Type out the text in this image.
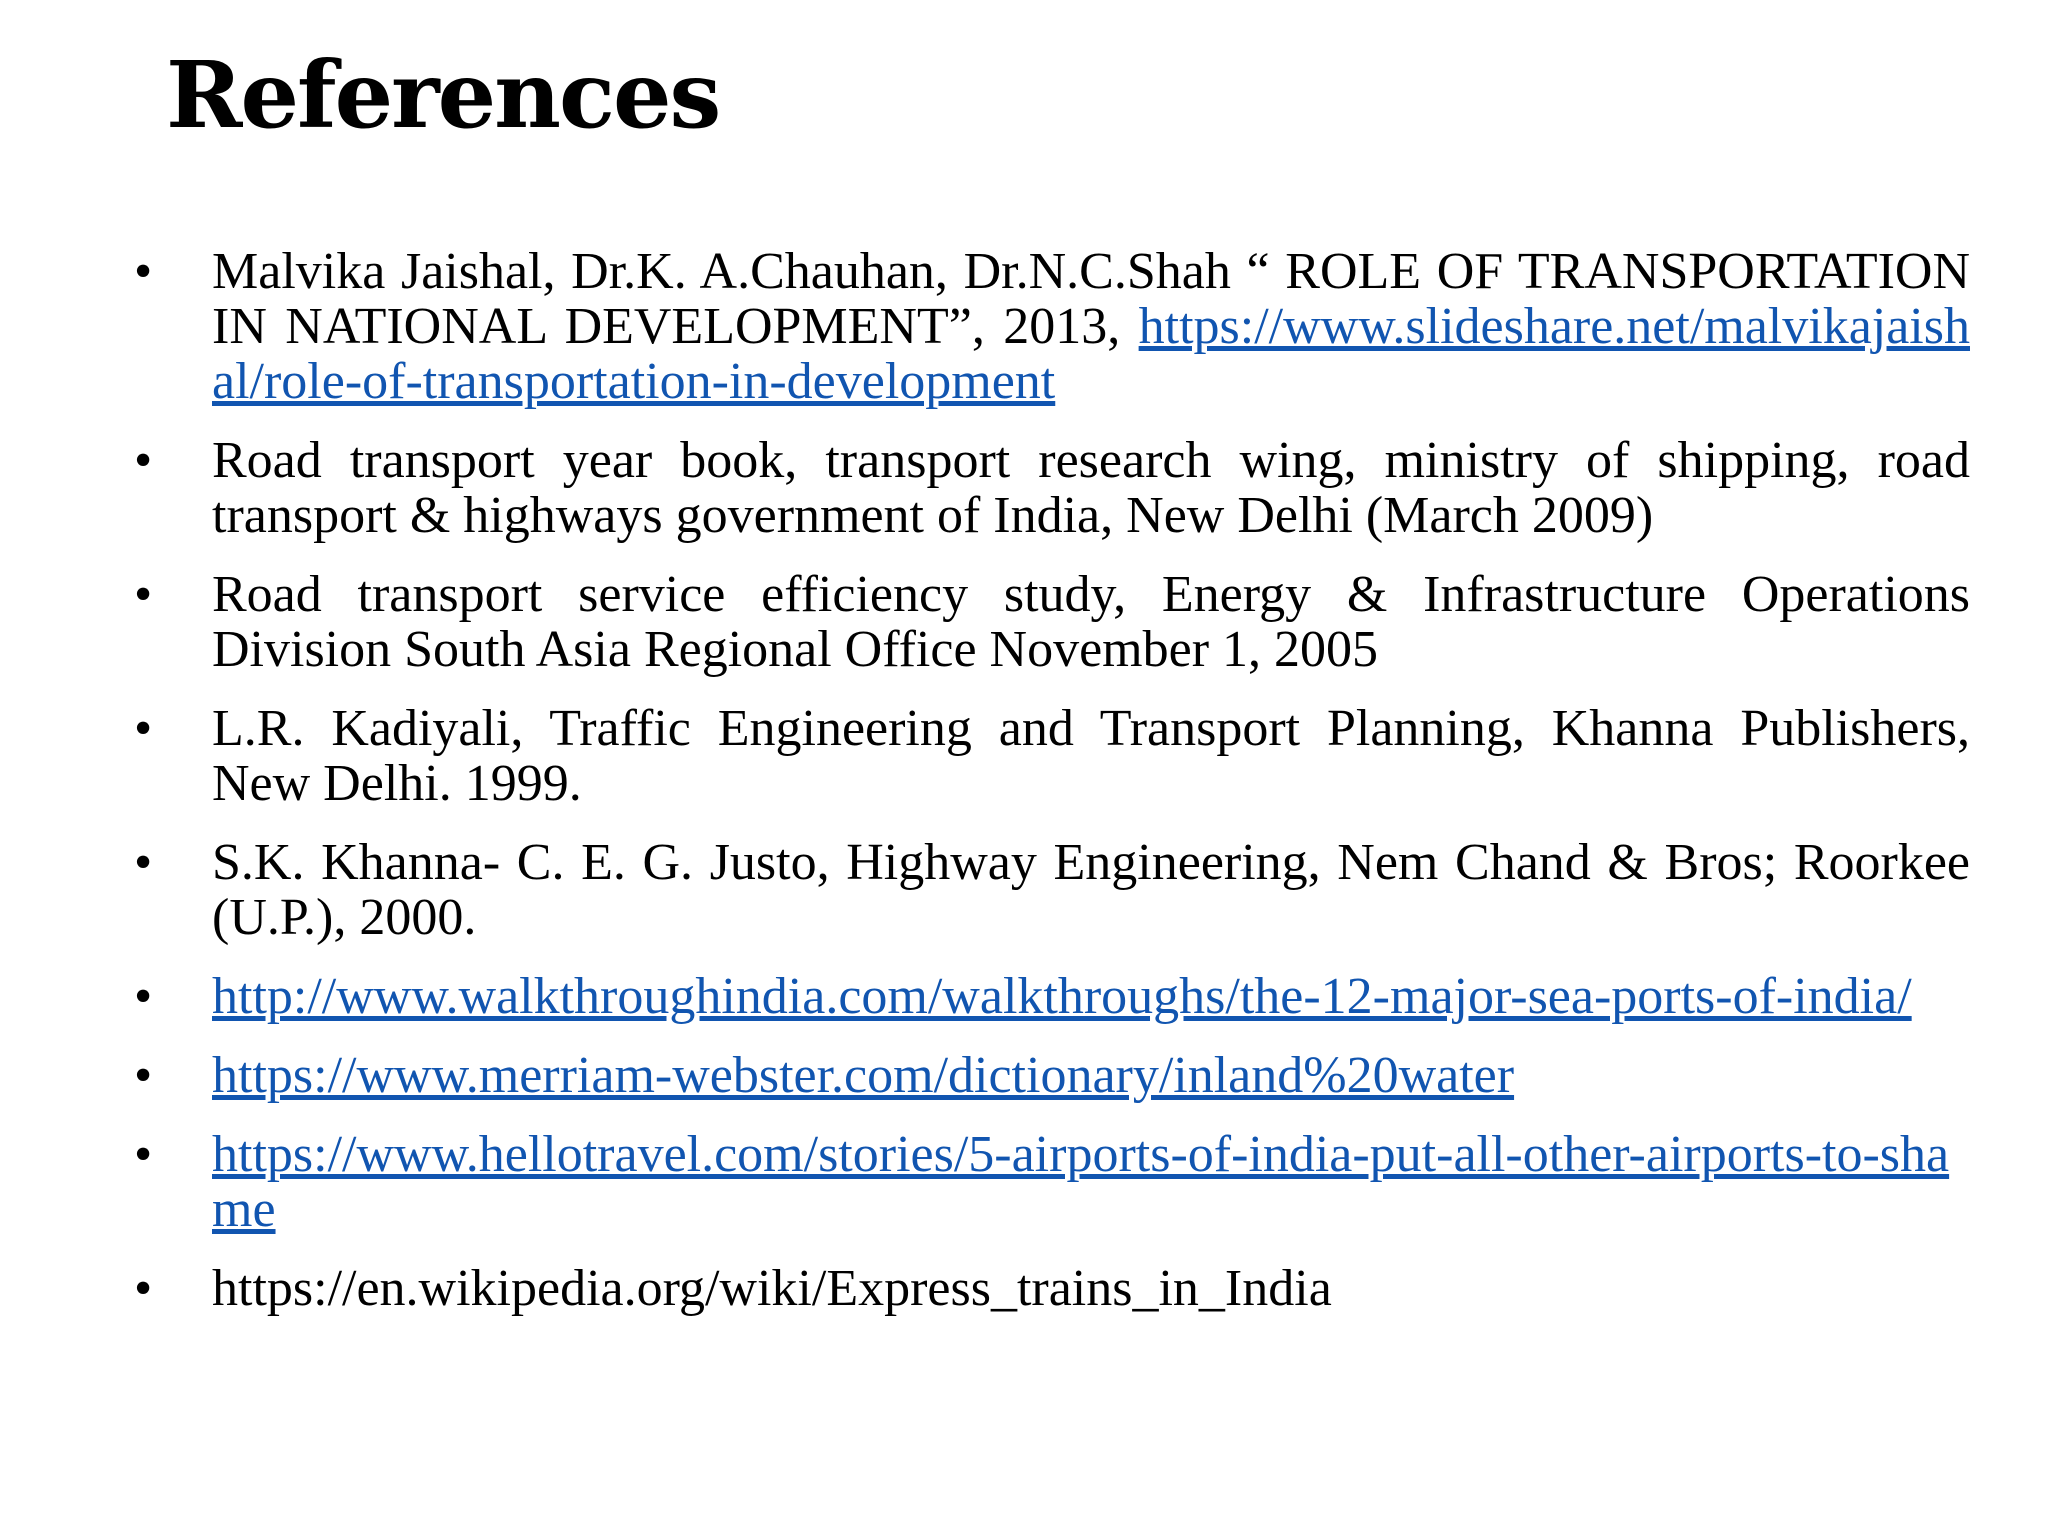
References
•	Malvika Jaishal, Dr.K. A.Chauhan, Dr.N.C.Shah “ ROLE OF TRANSPORTATION IN NATIONAL DEVELOPMENT”, 2013, https://www.slideshare.net/malvikajaishal/role-of-transportation-in-development
•	Road transport year book, transport research wing, ministry of shipping, road transport & highways government of India, New Delhi (March 2009)
•	Road transport service efficiency study, Energy & Infrastructure Operations Division South Asia Regional Office November 1, 2005
•	L.R. Kadiyali, Traffic Engineering and Transport Planning, Khanna Publishers, New Delhi. 1999.
•	S.K. Khanna- C. E. G. Justo, Highway Engineering, Nem Chand & Bros; Roorkee (U.P.), 2000.
•	http://www.walkthroughindia.com/walkthroughs/the-12-major-sea-ports-of-india/
•	https://www.merriam-webster.com/dictionary/inland%20water
•	https://www.hellotravel.com/stories/5-airports-of-india-put-all-other-airports-to-shame
•	https://en.wikipedia.org/wiki/Express_trains_in_India
